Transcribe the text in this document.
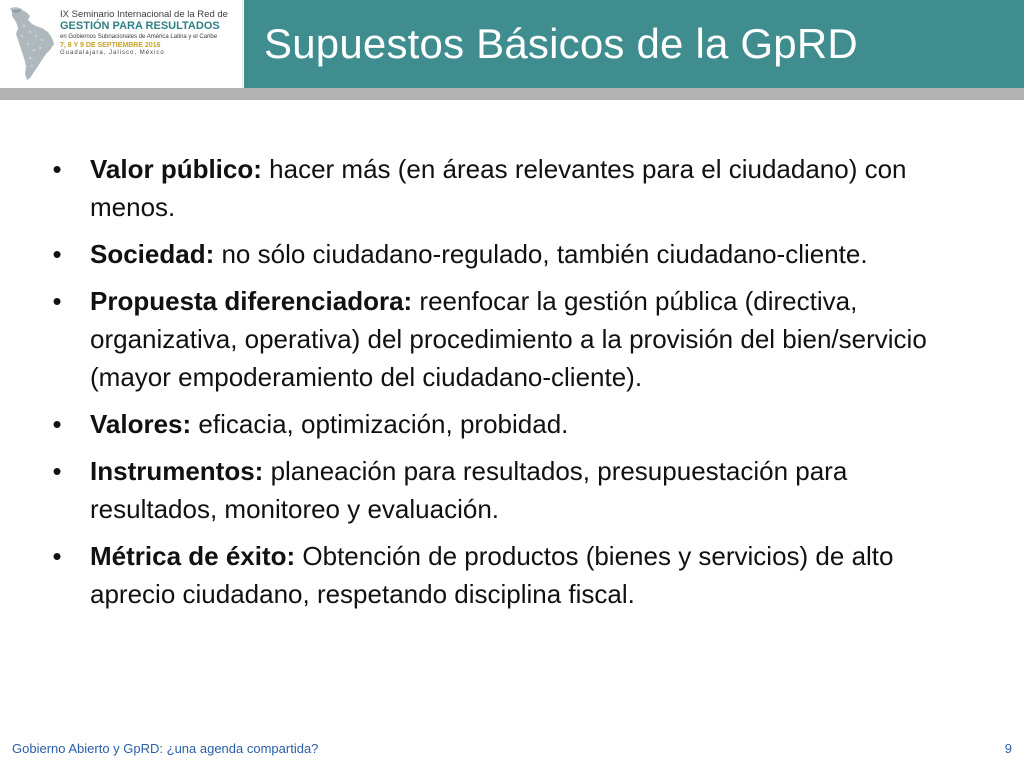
IX Seminario Internacional de la Red de
GESTIÓN PARA RESULTADOS
en Gobiernos Subnacionales de América Latina y el Caribe
7, 8 Y 9 DE SEPTIEMBRE 2016
Guadalajara, Jalisco, México	Supuestos Básicos de la GpRD
• Valor público: hacer más (en áreas relevantes para el ciudadano) con menos.
• Sociedad: no sólo ciudadano-regulado, también ciudadano-cliente.
• Propuesta diferenciadora: reenfocar la gestión pública (directiva, organizativa, operativa) del procedimiento a la provisión del bien/servicio (mayor empoderamiento del ciudadano-cliente).
• Valores: eficacia, optimización, probidad.
• Instrumentos: planeación para resultados, presupuestación para resultados, monitoreo y evaluación.
• Métrica de éxito: Obtención de productos (bienes y servicios) de alto aprecio ciudadano, respetando disciplina fiscal.
Gobierno Abierto y GpRD: ¿una agenda compartida?	9
